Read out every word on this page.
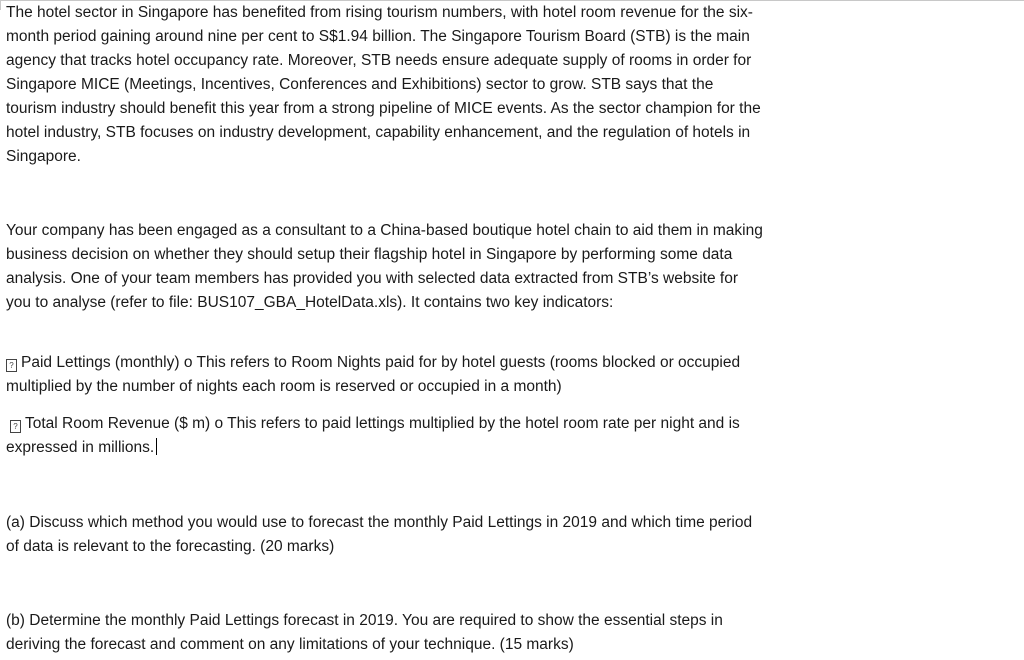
The hotel sector in Singapore has benefited from rising tourism numbers, with hotel room revenue for the six-month period gaining around nine per cent to S$1.94 billion. The Singapore Tourism Board (STB) is the main agency that tracks hotel occupancy rate. Moreover, STB needs ensure adequate supply of rooms in order for Singapore MICE (Meetings, Incentives, Conferences and Exhibitions) sector to grow. STB says that the tourism industry should benefit this year from a strong pipeline of MICE events. As the sector champion for the hotel industry, STB focuses on industry development, capability enhancement, and the regulation of hotels in Singapore.

Your company has been engaged as a consultant to a China-based boutique hotel chain to aid them in making business decision on whether they should setup their flagship hotel in Singapore by performing some data analysis. One of your team members has provided you with selected data extracted from STB’s website for you to analyse (refer to file: BUS107_GBA_HotelData.xls). It contains two key indicators:

? Paid Lettings (monthly) o This refers to Room Nights paid for by hotel guests (rooms blocked or occupied multiplied by the number of nights each room is reserved or occupied in a month)

? Total Room Revenue ($ m) o This refers to paid lettings multiplied by the hotel room rate per night and is expressed in millions.

(a) Discuss which method you would use to forecast the monthly Paid Lettings in 2019 and which time period of data is relevant to the forecasting. (20 marks)

(b) Determine the monthly Paid Lettings forecast in 2019. You are required to show the essential steps in deriving the forecast and comment on any limitations of your technique. (15 marks)
